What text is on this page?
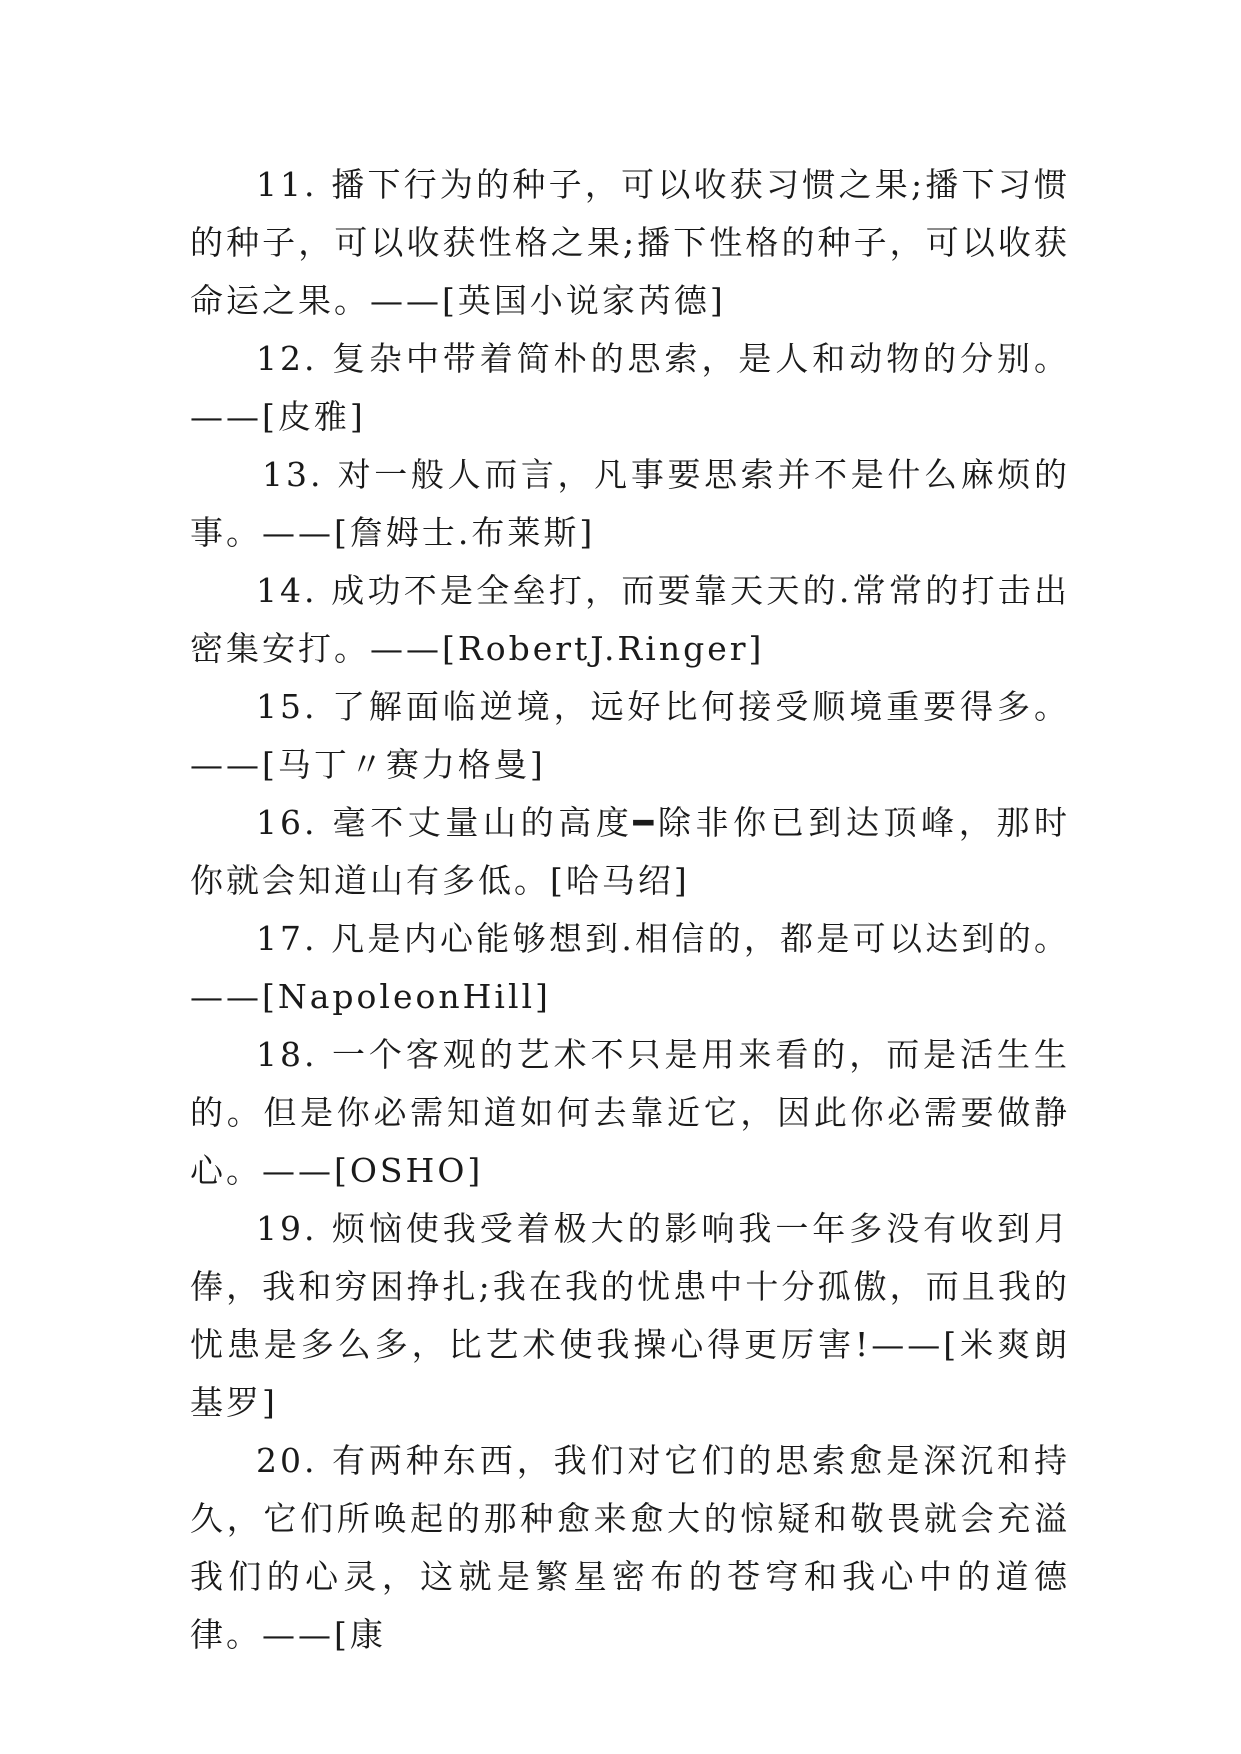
11. 播下行为的种子，可以收获习惯之果;播下习惯的种子，可以收获性格之果;播下性格的种子，可以收获命运之果。——[英国小说家芮德]

12. 复杂中带着简朴的思索，是人和动物的分别。——[皮雅]

13. 对一般人而言，凡事要思索并不是什么麻烦的事。——[詹姆士.布莱斯]

14. 成功不是全垒打，而要靠天天的.常常的打击出密集安打。——[RobertJ.Ringer]

15. 了解面临逆境，远好比何接受顺境重要得多。——[马丁〃赛力格曼]

16. 毫不丈量山的高度━除非你已到达顶峰，那时你就会知道山有多低。[哈马绍]

17. 凡是内心能够想到.相信的，都是可以达到的。——[NapoleonHill]

18. 一个客观的艺术不只是用来看的，而是活生生的。但是你必需知道如何去靠近它，因此你必需要做静心。——[OSHO]

19. 烦恼使我受着极大的影响我一年多没有收到月俸，我和穷困挣扎;我在我的忧患中十分孤傲，而且我的忧患是多么多，比艺术使我操心得更厉害!——[米爽朗基罗]

20. 有两种东西，我们对它们的思索愈是深沉和持久，它们所唤起的那种愈来愈大的惊疑和敬畏就会充溢我们的心灵，这就是繁星密布的苍穹和我心中的道德律。——[康
